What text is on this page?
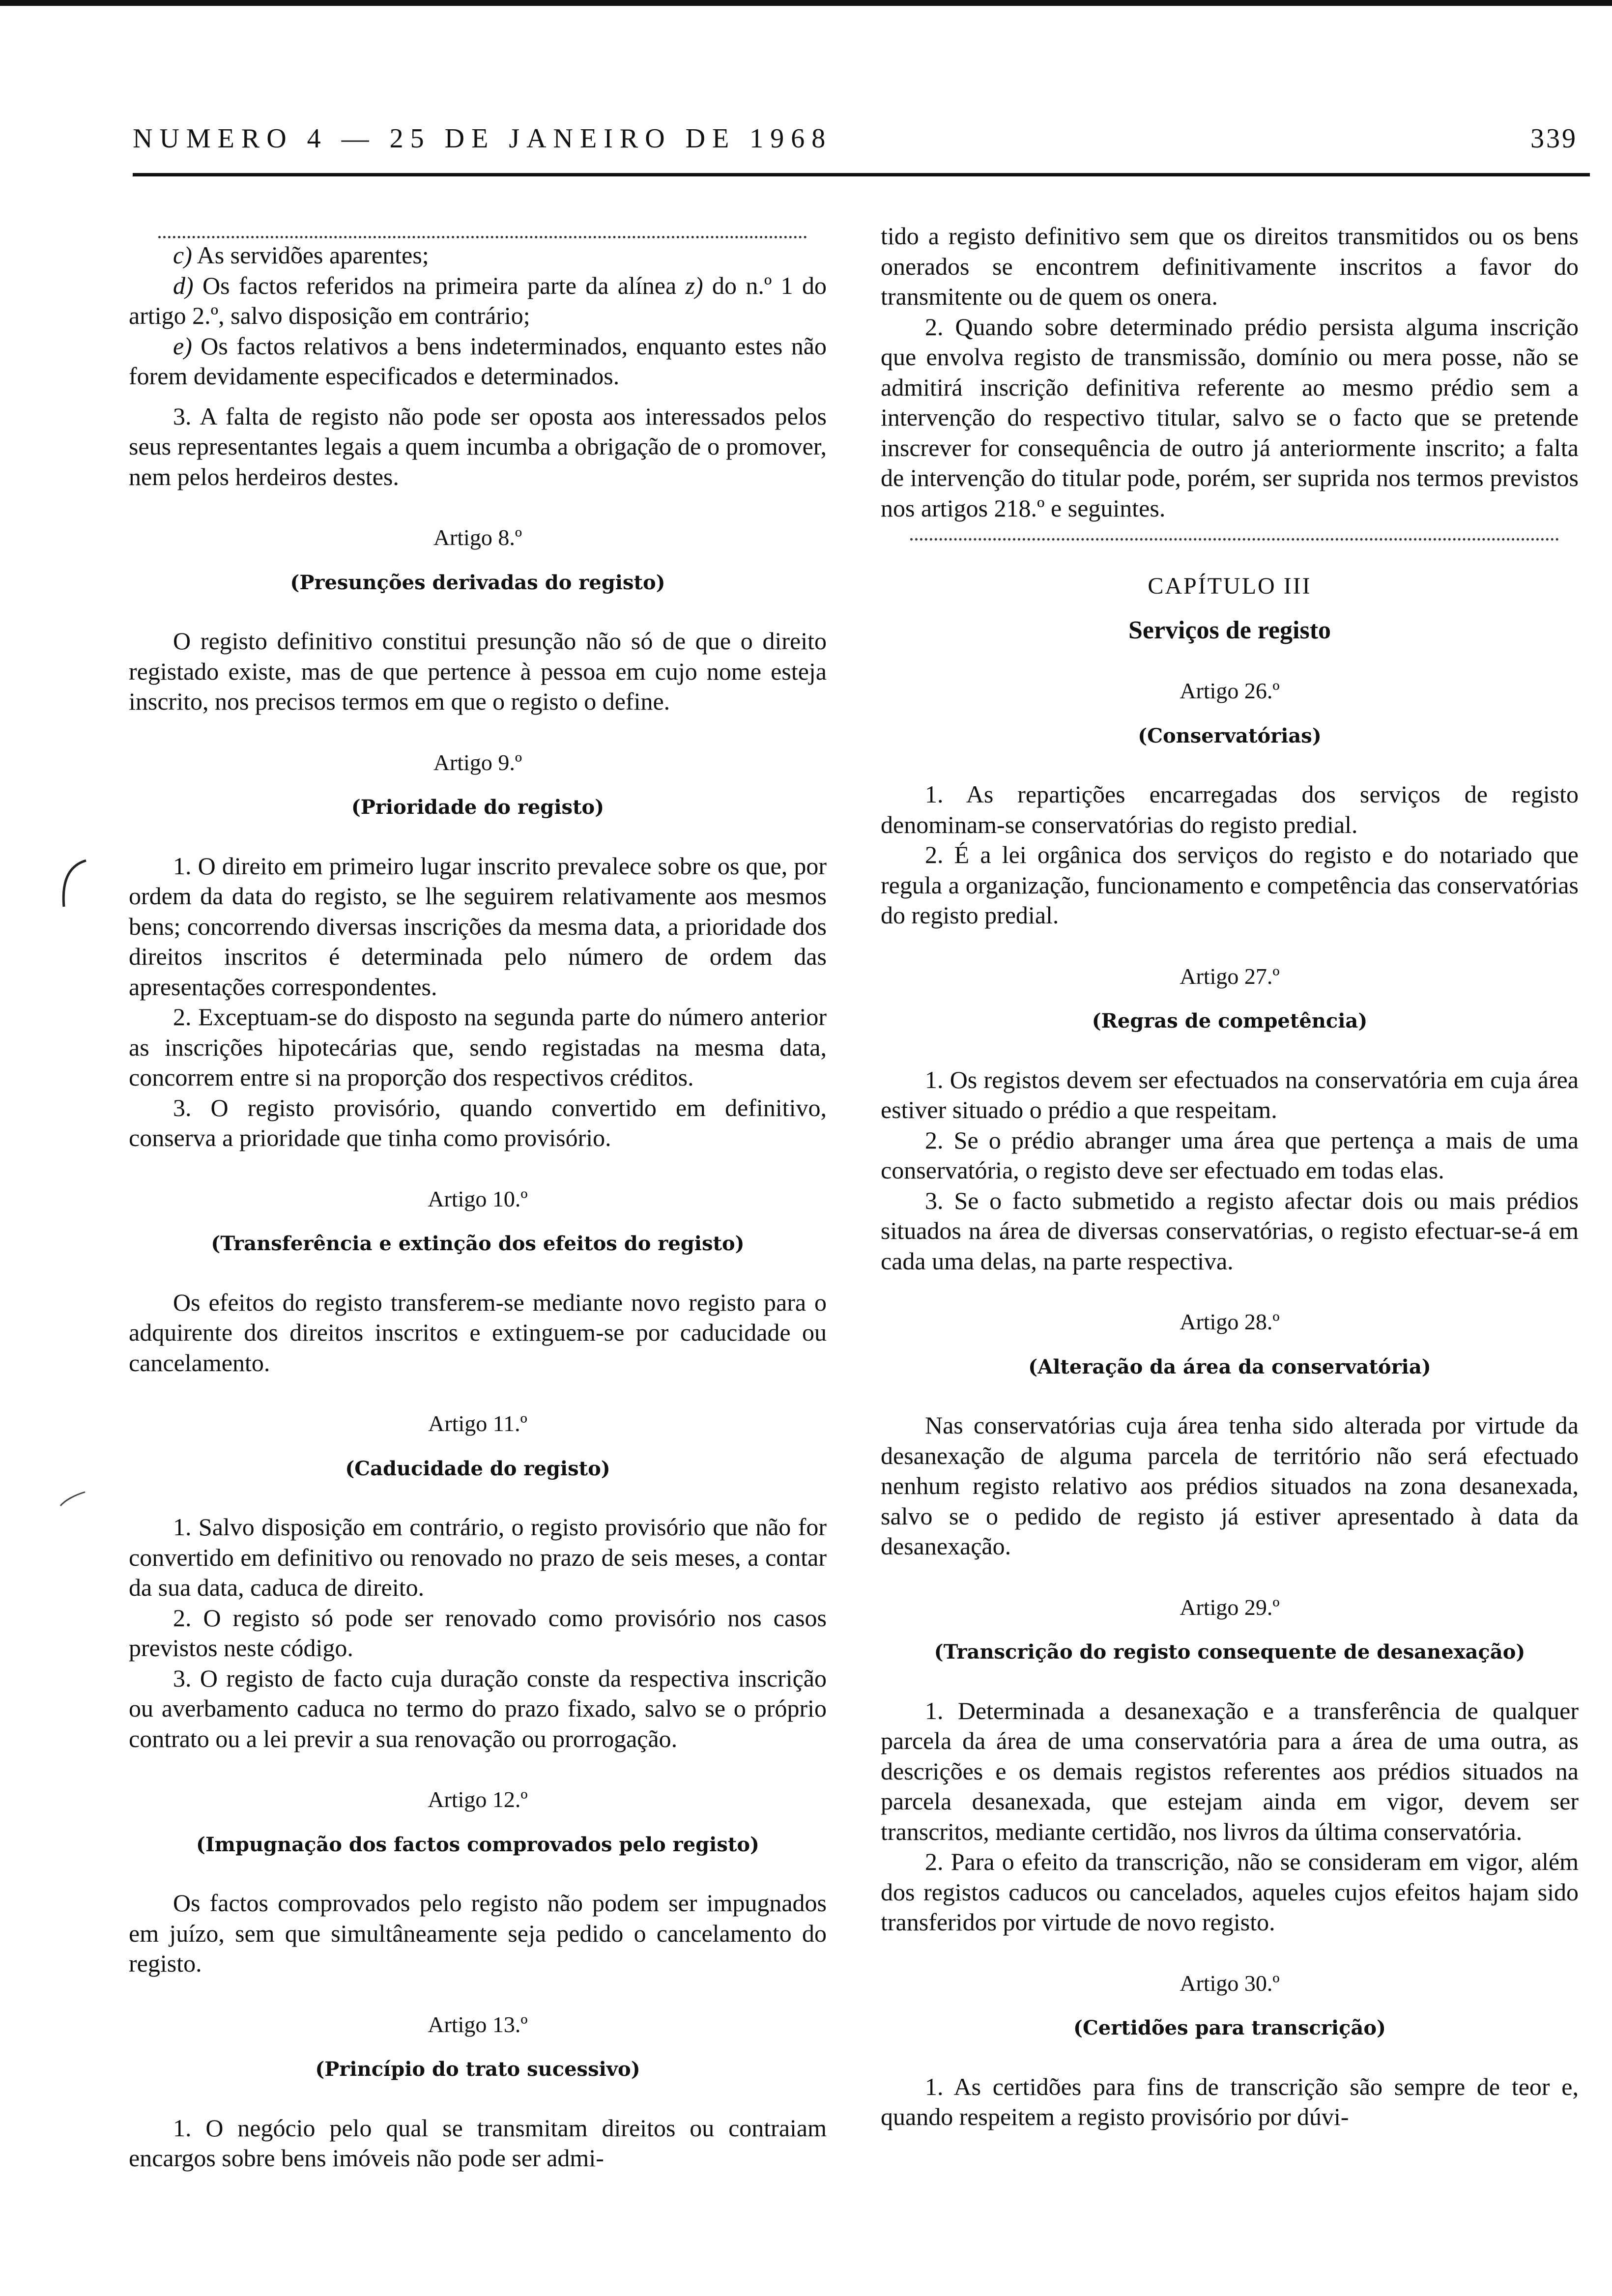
NUMERO 4 — 25 DE JANEIRO DE 1968	339

c) As servidões aparentes;

d) Os factos referidos na primeira parte da alínea z) do n.º 1 do artigo 2.º, salvo disposição em contrário;

e) Os factos relativos a bens indeterminados, enquanto estes não forem devidamente especificados e determinados.

3. A falta de registo não pode ser oposta aos interessados pelos seus representantes legais a quem incumba a obrigação de o promover, nem pelos herdeiros destes.

Artigo 8.º
(Presunções derivadas do registo)

O registo definitivo constitui presunção não só de que o direito registado existe, mas de que pertence à pessoa em cujo nome esteja inscrito, nos precisos termos em que o registo o define.

Artigo 9.º
(Prioridade do registo)

1. O direito em primeiro lugar inscrito prevalece sobre os que, por ordem da data do registo, se lhe seguirem relativamente aos mesmos bens; concorrendo diversas inscrições da mesma data, a prioridade dos direitos inscritos é determinada pelo número de ordem das apresentações correspondentes.

2. Exceptuam-se do disposto na segunda parte do número anterior as inscrições hipotecárias que, sendo registadas na mesma data, concorrem entre si na proporção dos respectivos créditos.

3. O registo provisório, quando convertido em definitivo, conserva a prioridade que tinha como provisório.

Artigo 10.º
(Transferência e extinção dos efeitos do registo)

Os efeitos do registo transferem-se mediante novo registo para o adquirente dos direitos inscritos e extinguem-se por caducidade ou cancelamento.

Artigo 11.º
(Caducidade do registo)

1. Salvo disposição em contrário, o registo provisório que não for convertido em definitivo ou renovado no prazo de seis meses, a contar da sua data, caduca de direito.

2. O registo só pode ser renovado como provisório nos casos previstos neste código.

3. O registo de facto cuja duração conste da respectiva inscrição ou averbamento caduca no termo do prazo fixado, salvo se o próprio contrato ou a lei previr a sua renovação ou prorrogação.

Artigo 12.º
(Impugnação dos factos comprovados pelo registo)

Os factos comprovados pelo registo não podem ser impugnados em juízo, sem que simultâneamente seja pedido o cancelamento do registo.

Artigo 13.º
(Princípio do trato sucessivo)

1. O negócio pelo qual se transmitam direitos ou contraiam encargos sobre bens imóveis não pode ser admi-

tido a registo definitivo sem que os direitos transmitidos ou os bens onerados se encontrem definitivamente inscritos a favor do transmitente ou de quem os onera.

2. Quando sobre determinado prédio persista alguma inscrição que envolva registo de transmissão, domínio ou mera posse, não se admitirá inscrição definitiva referente ao mesmo prédio sem a intervenção do respectivo titular, salvo se o facto que se pretende inscrever for consequência de outro já anteriormente inscrito; a falta de intervenção do titular pode, porém, ser suprida nos termos previstos nos artigos 218.º e seguintes.

CAPÍTULO III
Serviços de registo
Artigo 26.º
(Conservatórias)

1. As repartições encarregadas dos serviços de registo denominam-se conservatórias do registo predial.

2. É a lei orgânica dos serviços do registo e do notariado que regula a organização, funcionamento e competência das conservatórias do registo predial.

Artigo 27.º
(Regras de competência)

1. Os registos devem ser efectuados na conservatória em cuja área estiver situado o prédio a que respeitam.

2. Se o prédio abranger uma área que pertença a mais de uma conservatória, o registo deve ser efectuado em todas elas.

3. Se o facto submetido a registo afectar dois ou mais prédios situados na área de diversas conservatórias, o registo efectuar-se-á em cada uma delas, na parte respectiva.

Artigo 28.º
(Alteração da área da conservatória)

Nas conservatórias cuja área tenha sido alterada por virtude da desanexação de alguma parcela de território não será efectuado nenhum registo relativo aos prédios situados na zona desanexada, salvo se o pedido de registo já estiver apresentado à data da desanexação.

Artigo 29.º
(Transcrição do registo consequente de desanexação)

1. Determinada a desanexação e a transferência de qualquer parcela da área de uma conservatória para a área de uma outra, as descrições e os demais registos referentes aos prédios situados na parcela desanexada, que estejam ainda em vigor, devem ser transcritos, mediante certidão, nos livros da última conservatória.

2. Para o efeito da transcrição, não se consideram em vigor, além dos registos caducos ou cancelados, aqueles cujos efeitos hajam sido transferidos por virtude de novo registo.

Artigo 30.º
(Certidões para transcrição)

1. As certidões para fins de transcrição são sempre de teor e, quando respeitem a registo provisório por dúvi-
